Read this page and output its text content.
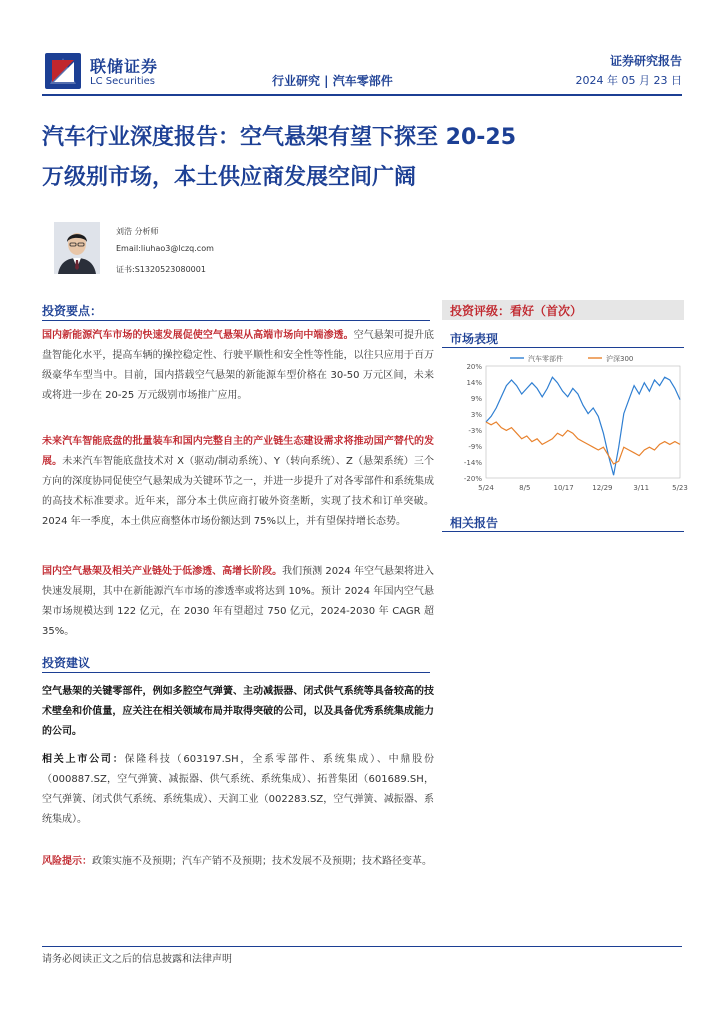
联储证券
LC Securities
证券研究报告
行业研究 | 汽车零部件	2024 年 05 月 23 日
汽车行业深度报告：空气悬架有望下探至 20-25
万级别市场，本土供应商发展空间广阔
刘浩 分析师
Email:liuhao3@lczq.com
证书:S1320523080001
投资要点：

国内新能源汽车市场的快速发展促使空气悬架从高端市场向中端渗透。空气悬架可提升底盘智能化水平，提高车辆的操控稳定性、行驶平顺性和安全性等性能，以往只应用于百万级豪华车型当中。目前，国内搭载空气悬架的新能源车型价格在 30-50 万元区间，未来或将进一步在 20-25 万元级别市场推广应用。

未来汽车智能底盘的批量装车和国内完整自主的产业链生态建设需求将推动国产替代的发展。未来汽车智能底盘技术对 X（驱动/制动系统）、Y（转向系统）、Z（悬架系统）三个方向的深度协同促使空气悬架成为关键环节之一，并进一步提升了对各零部件和系统集成的高技术标准要求。近年来，部分本土供应商打破外资垄断，实现了技术和订单突破。2024 年一季度，本土供应商整体市场份额达到 75%以上，并有望保持增长态势。

国内空气悬架及相关产业链处于低渗透、高增长阶段。我们预测 2024 年空气悬架将进入快速发展期，其中在新能源汽车市场的渗透率或将达到 10%。预计 2024 年国内空气悬架市场规模达到 122 亿元，在 2030 年有望超过 750 亿元，2024-2030 年 CAGR 超 35%。

投资建议

空气悬架的关键零部件，例如多腔空气弹簧、主动减振器、闭式供气系统等具备较高的技术壁垒和价值量，应关注在相关领域布局并取得突破的公司，以及具备优秀系统集成能力的公司。

相关上市公司：保隆科技（603197.SH，全系零部件、系统集成）、中鼎股份（000887.SZ，空气弹簧、减振器、供气系统、系统集成）、拓普集团（601689.SH，空气弹簧、闭式供气系统、系统集成）、天润工业（002283.SZ，空气弹簧、减振器、系统集成）。

风险提示：政策实施不及预期；汽车产销不及预期；技术发展不及预期；技术路径变革。

投资评级：看好（首次）
市场表现
20%
14%
9%
3%
-3%
-9%
-14%
-20%
5/24	8/5	10/17	12/29	3/11	5/23
汽车零部件	沪深300
相关报告
请务必阅读正文之后的信息披露和法律声明
